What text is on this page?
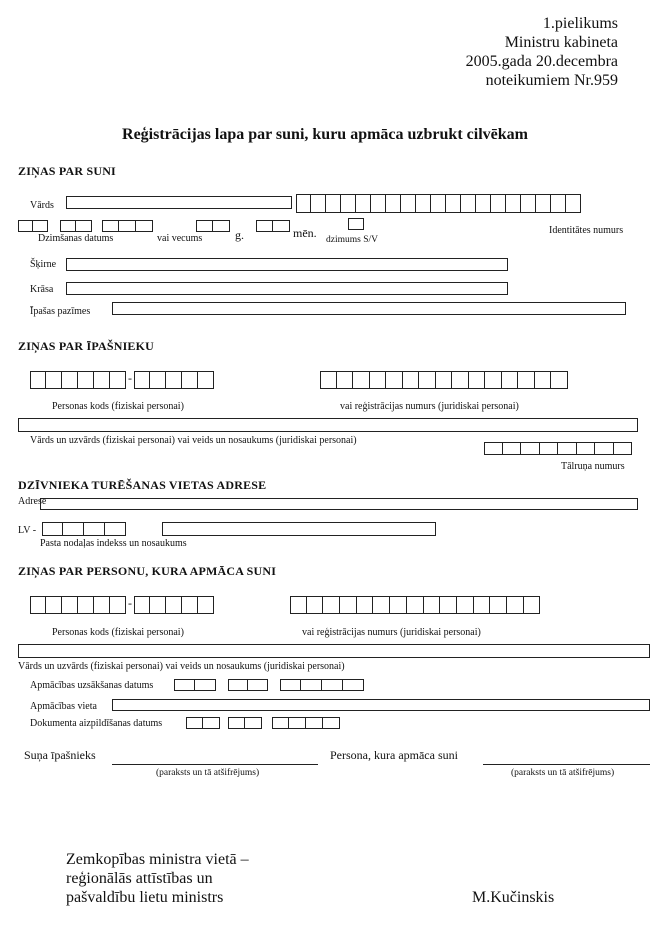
1.pielikums
Ministru kabineta
2005.gada 20.decembra
noteikumiem Nr.959
Reģistrācijas lapa par suni, kuru apmāca uzbrukt cilvēkam
ZIŅAS PAR SUNI
Vārds
Dzimšanas datums	vai vecums	g.	mēn. dzimums S/V
Identitātes numurs
Šķirne
Krāsa
Īpašas pazīmes
ZIŅAS PAR ĪPAŠNIEKU
-
Personas kods (fiziskai personai)	vai reģistrācijas numurs (juridiskai personai)
Vārds un uzvārds (fiziskai personai) vai veids un nosaukums (juridiskai personai)
Tālruņa numurs
DZĪVNIEKA TURĒŠANAS VIETAS ADRESE
Adrese
LV -
Pasta nodaļas indekss un nosaukums
ZIŅAS PAR PERSONU, KURA APMĀCA SUNI
-
Personas kods (fiziskai personai)	vai reģistrācijas numurs (juridiskai personai)
Vārds un uzvārds (fiziskai personai) vai veids un nosaukums (juridiskai personai)
Apmācības uzsākšanas datums
Apmācības vieta
Dokumenta aizpildīšanas datums
Suņa īpašnieks
(paraksts un tā atšifrējums)
Persona, kura apmāca suni
(paraksts un tā atšifrējums)
Zemkopības ministra vietā –
reģionālās attīstības un
pašvaldību lietu ministrs	M.Kučinskis
